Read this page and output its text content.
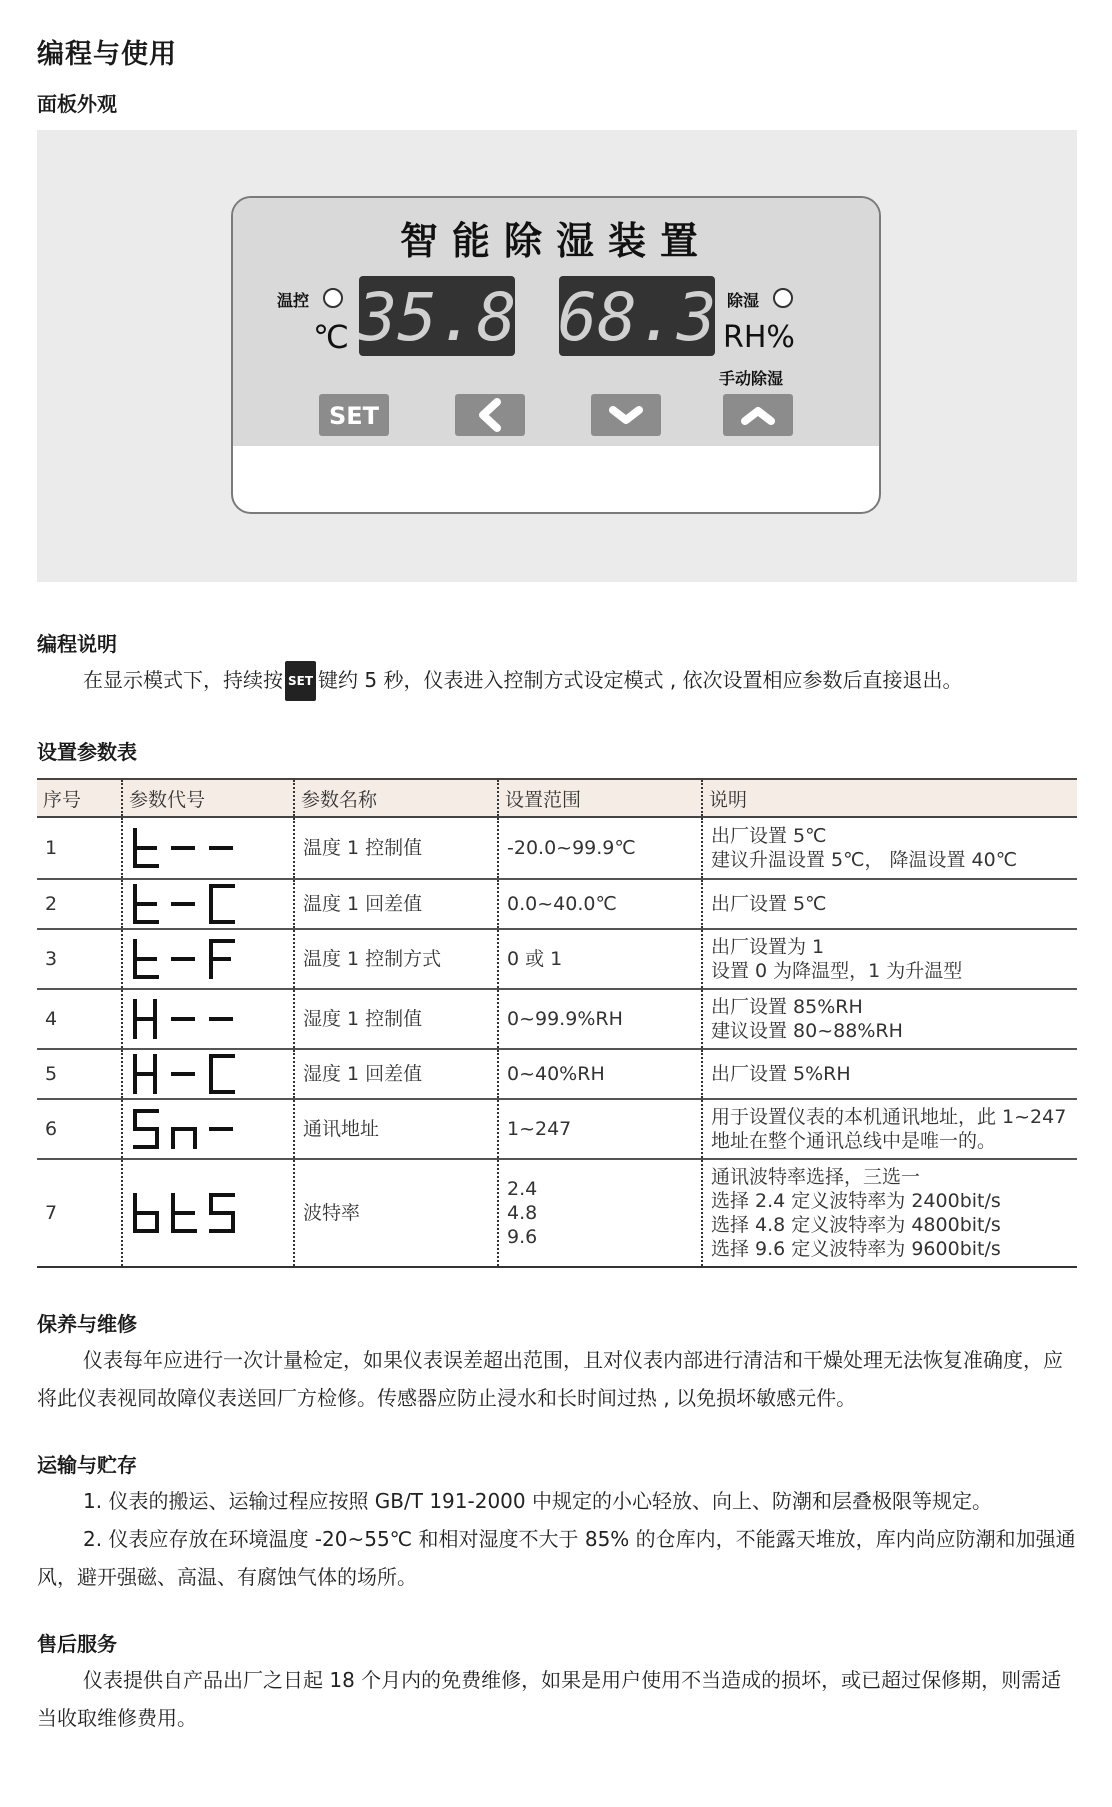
编程与使用
面板外观
智能除湿装置
温控
℃ 35.8 68.3 除湿
RH%
手动除湿
SET
编程说明
在显示模式下，持续按 SET 键约 5 秒，仪表进入控制方式设定模式 , 依次设置相应参数后直接退出。
设置参数表
序号	参数代号	参数名称	设置范围	说明
1		温度 1 控制值	-20.0~99.9℃	出厂设置 5℃
建议升温设置 5℃， 降温设置 40℃

2		温度 1 回差值	0.0~40.0℃	出厂设置 5℃

3		温度 1 控制方式	0 或 1	出厂设置为 1
设置 0 为降温型，1 为升温型

4		湿度 1 控制值	0~99.9%RH	出厂设置 85%RH
建议设置 80~88%RH

5		湿度 1 回差值	0~40%RH	出厂设置 5%RH

6		通讯地址	1~247	用于设置仪表的本机通讯地址，此 1~247
地址在整个通讯总线中是唯一的。

7		波特率	2.4
4.8
9.6	通讯波特率选择，三选一
选择 2.4 定义波特率为 2400bit/s
选择 4.8 定义波特率为 4800bit/s
选择 9.6 定义波特率为 9600bit/s
保养与维修
仪表每年应进行一次计量检定，如果仪表误差超出范围，且对仪表内部进行清洁和干燥处理无法恢复准确度，应将此仪表视同故障仪表送回厂方检修。传感器应防止浸水和长时间过热 , 以免损坏敏感元件。
运输与贮存
1. 仪表的搬运、运输过程应按照 GB/T 191-2000 中规定的小心轻放、向上、防潮和层叠极限等规定。
2. 仪表应存放在环境温度 -20~55℃ 和相对湿度不大于 85% 的仓库内，不能露天堆放，库内尚应防潮和加强通风，避开强磁、高温、有腐蚀气体的场所。
售后服务
仪表提供自产品出厂之日起 18 个月内的免费维修，如果是用户使用不当造成的损坏，或已超过保修期，则需适当收取维修费用。
